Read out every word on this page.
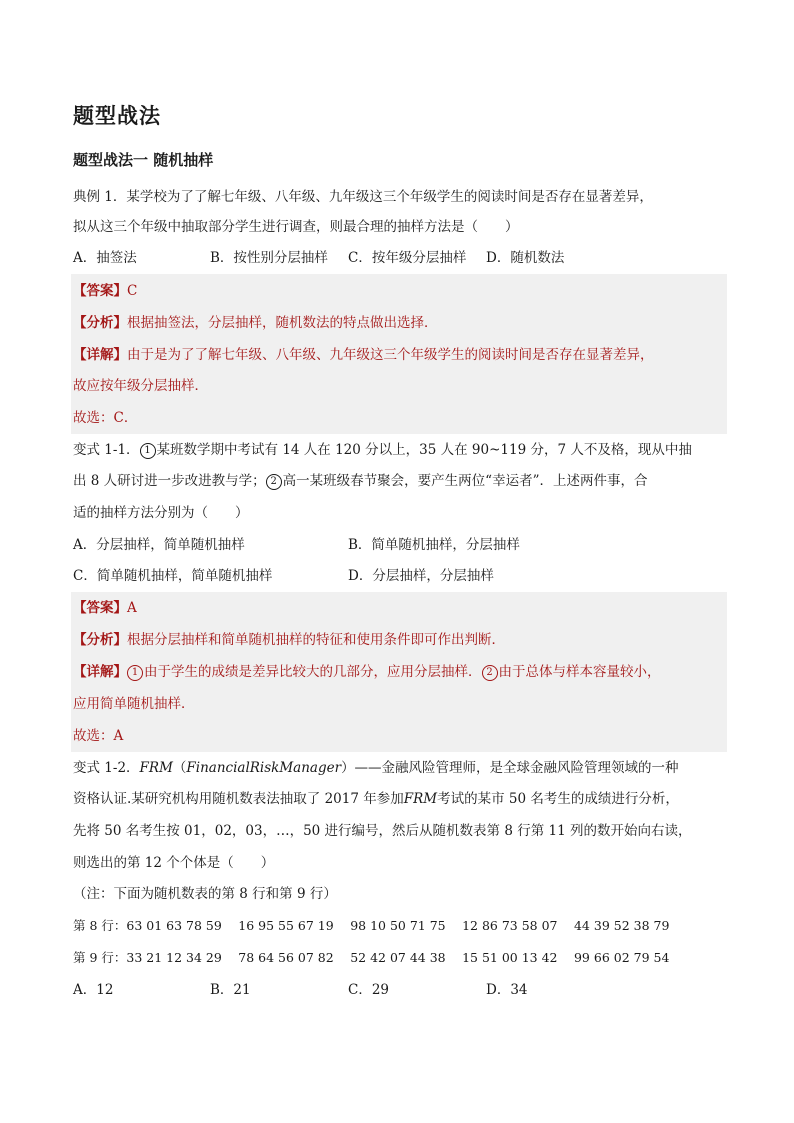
题型战法
题型战法一 随机抽样
典例 1．某学校为了了解七年级、八年级、九年级这三个年级学生的阅读时间是否存在显著差异，
拟从这三个年级中抽取部分学生进行调查，则最合理的抽样方法是（　　）
A．抽签法	B．按性别分层抽样 C．按年级分层抽样 D．随机数法
【答案】C
【分析】根据抽签法，分层抽样，随机数法的特点做出选择．
【详解】由于是为了了解七年级、八年级、九年级这三个年级学生的阅读时间是否存在显著差异，
故应按年级分层抽样．
故选：C．
变式 1-1． 1 某班数学期中考试有 14 人在 120 分以上，35 人在 90~119 分，7 人不及格，现从中抽
出 8 人研讨进一步改进教与学； 2 高一某班级春节聚会，要产生两位“幸运者”．上述两件事，合
适的抽样方法分别为（　　）
A．分层抽样，简单随机抽样	B．简单随机抽样，分层抽样
C．简单随机抽样，简单随机抽样	D．分层抽样，分层抽样
【答案】A
【分析】根据分层抽样和简单随机抽样的特征和使用条件即可作出判断．
【详解】 1 由于学生的成绩是差异比较大的几部分，应用分层抽样． 2 由于总体与样本容量较小，
应用简单随机抽样．
故选：A
变式 1-2．FRM（FinancialRiskManager）——金融风险管理师，是全球金融风险管理领域的一种
资格认证.某研究机构用随机数表法抽取了 2017 年参加FRM考试的某市 50 名考生的成绩进行分析，
先将 50 名考生按 01，02，03，…，50 进行编号，然后从随机数表第 8 行第 11 列的数开始向右读，
则选出的第 12 个个体是（　　）
（注：下面为随机数表的第 8 行和第 9 行）
第 8 行：63 01 63 78 59　 16 95 55 67 19　 98 10 50 71 75　 12 86 73 58 07　 44 39 52 38 79
第 9 行：33 21 12 34 29　 78 64 56 07 82　 52 42 07 44 38　 15 51 00 13 42　 99 66 02 79 54
A．12	B．21	C．29	D．34
